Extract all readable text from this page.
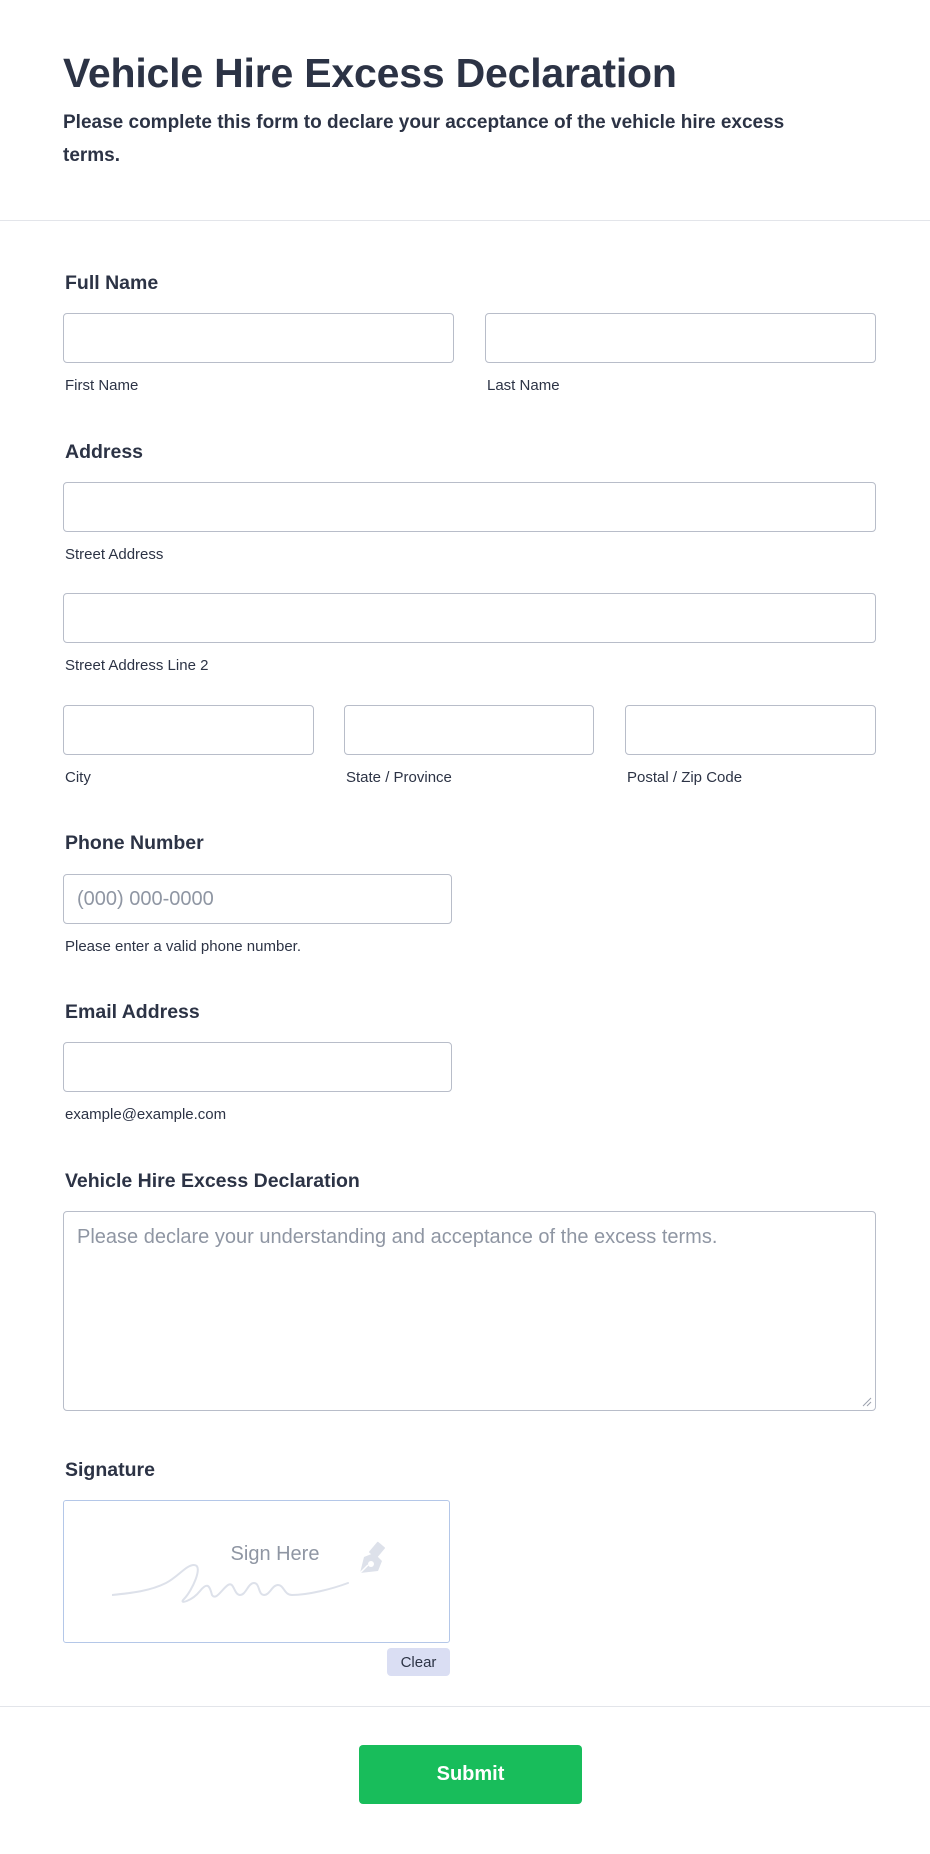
Vehicle Hire Excess Declaration

Please complete this form to declare your acceptance of the vehicle hire excess terms.

Full Name
First Name	Last Name
Address
Street Address
Street Address Line 2
City	State / Province	Postal / Zip Code
Phone Number
(000) 000-0000
Please enter a valid phone number.
Email Address
example@example.com
Vehicle Hire Excess Declaration
Please declare your understanding and acceptance of the excess terms.
Signature
Sign Here
Clear
Submit
